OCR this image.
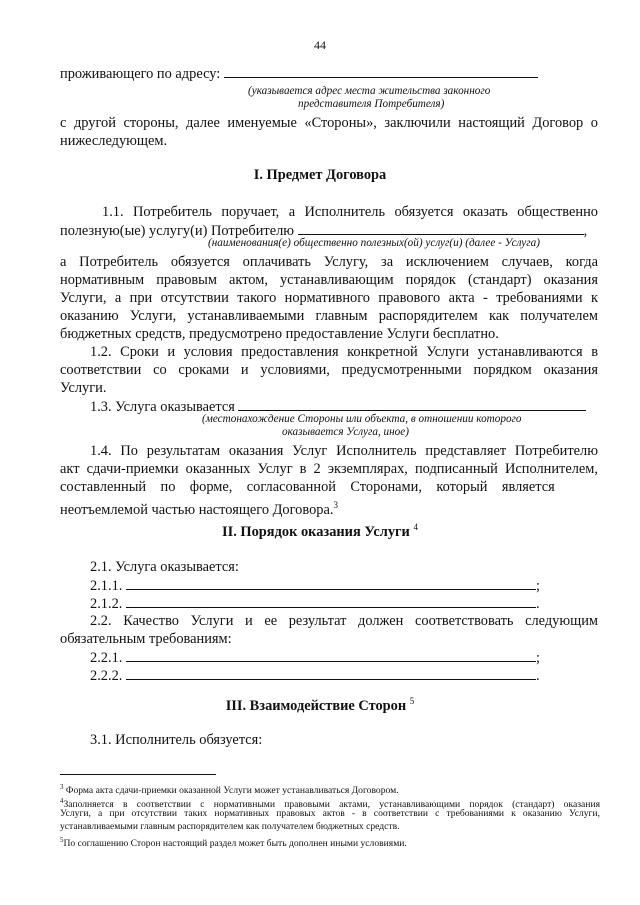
44
проживающего по адресу:
(указывается адрес места жительства законного
представителя Потребителя)
с другой стороны, далее именуемые «Стороны», заключили настоящий Договор о
нижеследующем.
I. Предмет Договора
1.1. Потребитель поручает, а Исполнитель обязуется оказать общественно
полезную(ые) услугу(и) Потребителю	,
(наименования(е) общественно полезных(ой) услуг(и) (далее - Услуга)
а Потребитель обязуется оплачивать Услугу, за исключением случаев, когда
нормативным правовым актом, устанавливающим порядок (стандарт) оказания
Услуги, а при отсутствии такого нормативного правового акта - требованиями к
оказанию Услуги, устанавливаемыми главным распорядителем как получателем
бюджетных средств, предусмотрено предоставление Услуги бесплатно.
1.2. Сроки и условия предоставления конкретной Услуги устанавливаются в
соответствии со сроками и условиями, предусмотренными порядком оказания
Услуги.
1.3. Услуга оказывается
(местонахождение Стороны или объекта, в отношении которого
оказывается Услуга, иное)
1.4. По результатам оказания Услуг Исполнитель представляет Потребителю
акт сдачи-приемки оказанных Услуг в 2 экземплярах, подписанный Исполнителем,
составленный    по    форме,    согласованной    Сторонами,    который    является
неотъемлемой частью настоящего Договора.$^3$
II. Порядок оказания Услуги $^4$
2.1. Услуга оказывается:
2.1.1.	;
2.1.2.	.
2.2. Качество Услуги и ее результат должен соответствовать следующим
обязательным требованиям:
2.2.1.	;
2.2.2.	.
III. Взаимодействие Сторон $^5$
3.1. Исполнитель обязуется:
$^3$ Форма акта сдачи-приемки оказанной Услуги может устанавливаться Договором.
$^4$Заполняется в соответствии с нормативными правовыми актами, устанавливающими порядок (стандарт) оказания
Услуги, а при отсутствии таких нормативных правовых актов - в соответствии с требованиями к оказанию Услуги,
устанавливаемыми главным распорядителем как получателем бюджетных средств.
$^5$По соглашению Сторон настоящий раздел может быть дополнен иными условиями.
